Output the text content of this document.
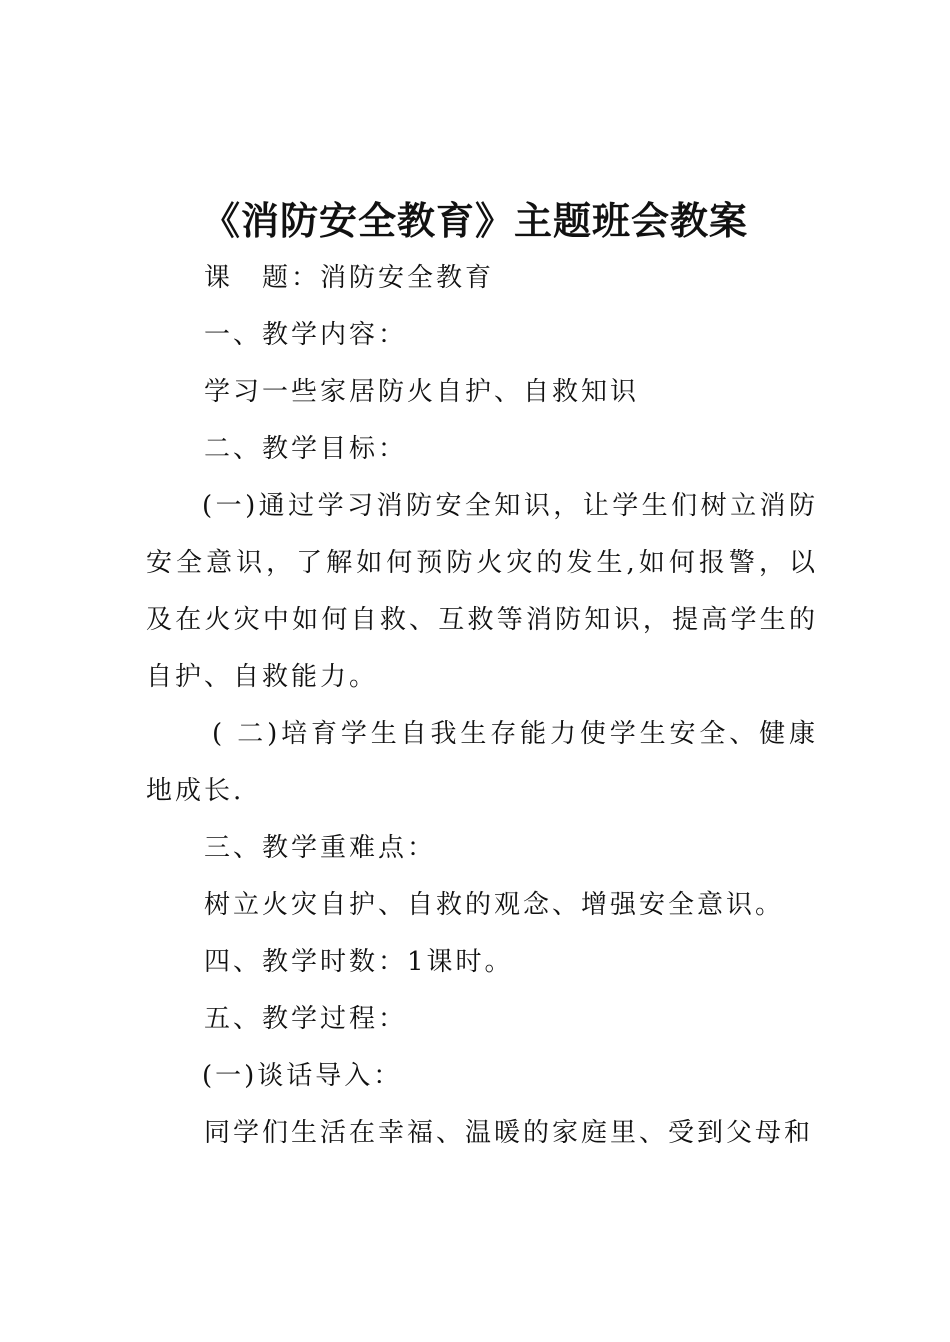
《消防安全教育》主题班会教案

课　题：消防安全教育

一、教学内容：

学习一些家居防火自护、自救知识

二、教学目标：

(一)通过学习消防安全知识，让学生们树立消防安全意识，了解如何预防火灾的发生,如何报警，以及在火灾中如何自救、互救等消防知识，提高学生的自护、自救能力。

( 二)培育学生自我生存能力使学生安全、健康地成长.

三、教学重难点：

树立火灾自护、自救的观念、增强安全意识。

四、教学时数：1课时。

五、教学过程：

(一)谈话导入：

同学们生活在幸福、温暖的家庭里、受到父母和
